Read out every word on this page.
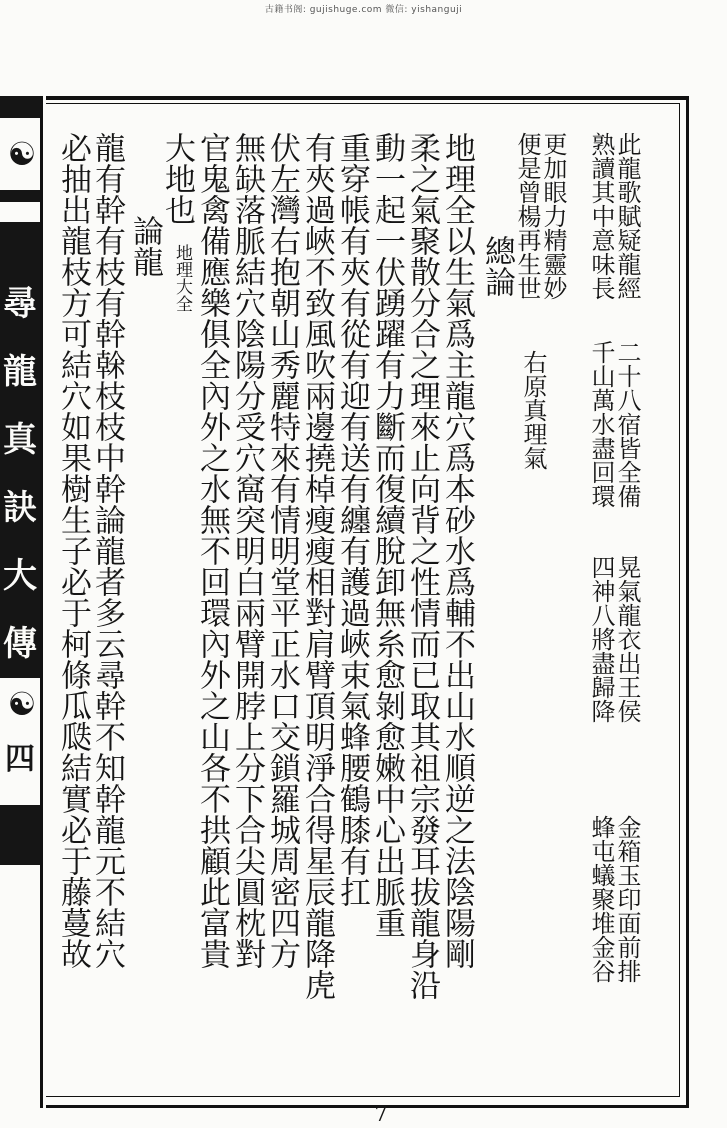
古籍书阁: gujishuge.com 微信: yishanguji
☯
尋
龍
真
訣
大
傳
☯
四
此龍歌賦疑龍經
熟讀其中意味長
二十八宿皆全備
千山萬水盡回環
晃氣龍衣出王侯
四神八將盡歸降
金箱玉印面前排
蜂屯蟻聚堆金谷
更加眼力精靈妙
便是曾楊再生世
右原真理氣
總論
地理全以生氣爲主龍穴爲本砂水爲輔不出山水順逆之法陰陽剛
柔之氣聚散分合之理來止向背之性情而已取其祖宗發耳拔龍身沿
動一起一伏踴躍有力斷而復續脫卸無糸愈剝愈嫩中心出脈重
重穿帳有夾有從有迎有送有纏有護過峽束氣蜂腰鶴膝有扛
有夾過峽不致風吹兩邊撓棹瘦瘦相對肩臂頂明淨合得星辰龍降虎
伏左灣右抱朝山秀麗特來有情明堂平正水口交鎖羅城周密四方
無缺落脈結穴陰陽分受穴窩突明白兩臂開脖上分下合尖圓枕對
官鬼禽備應樂俱全內外之水無不回環內外之山各不拱顧此富貴
大地也
地理大全
論龍
龍有幹有枝有幹榦枝枝中幹論龍者多云尋幹不知幹龍元不結穴
必抽出龍枝方可結穴如果樹生子必于柯條瓜瓞結實必于藤蔓故
7
